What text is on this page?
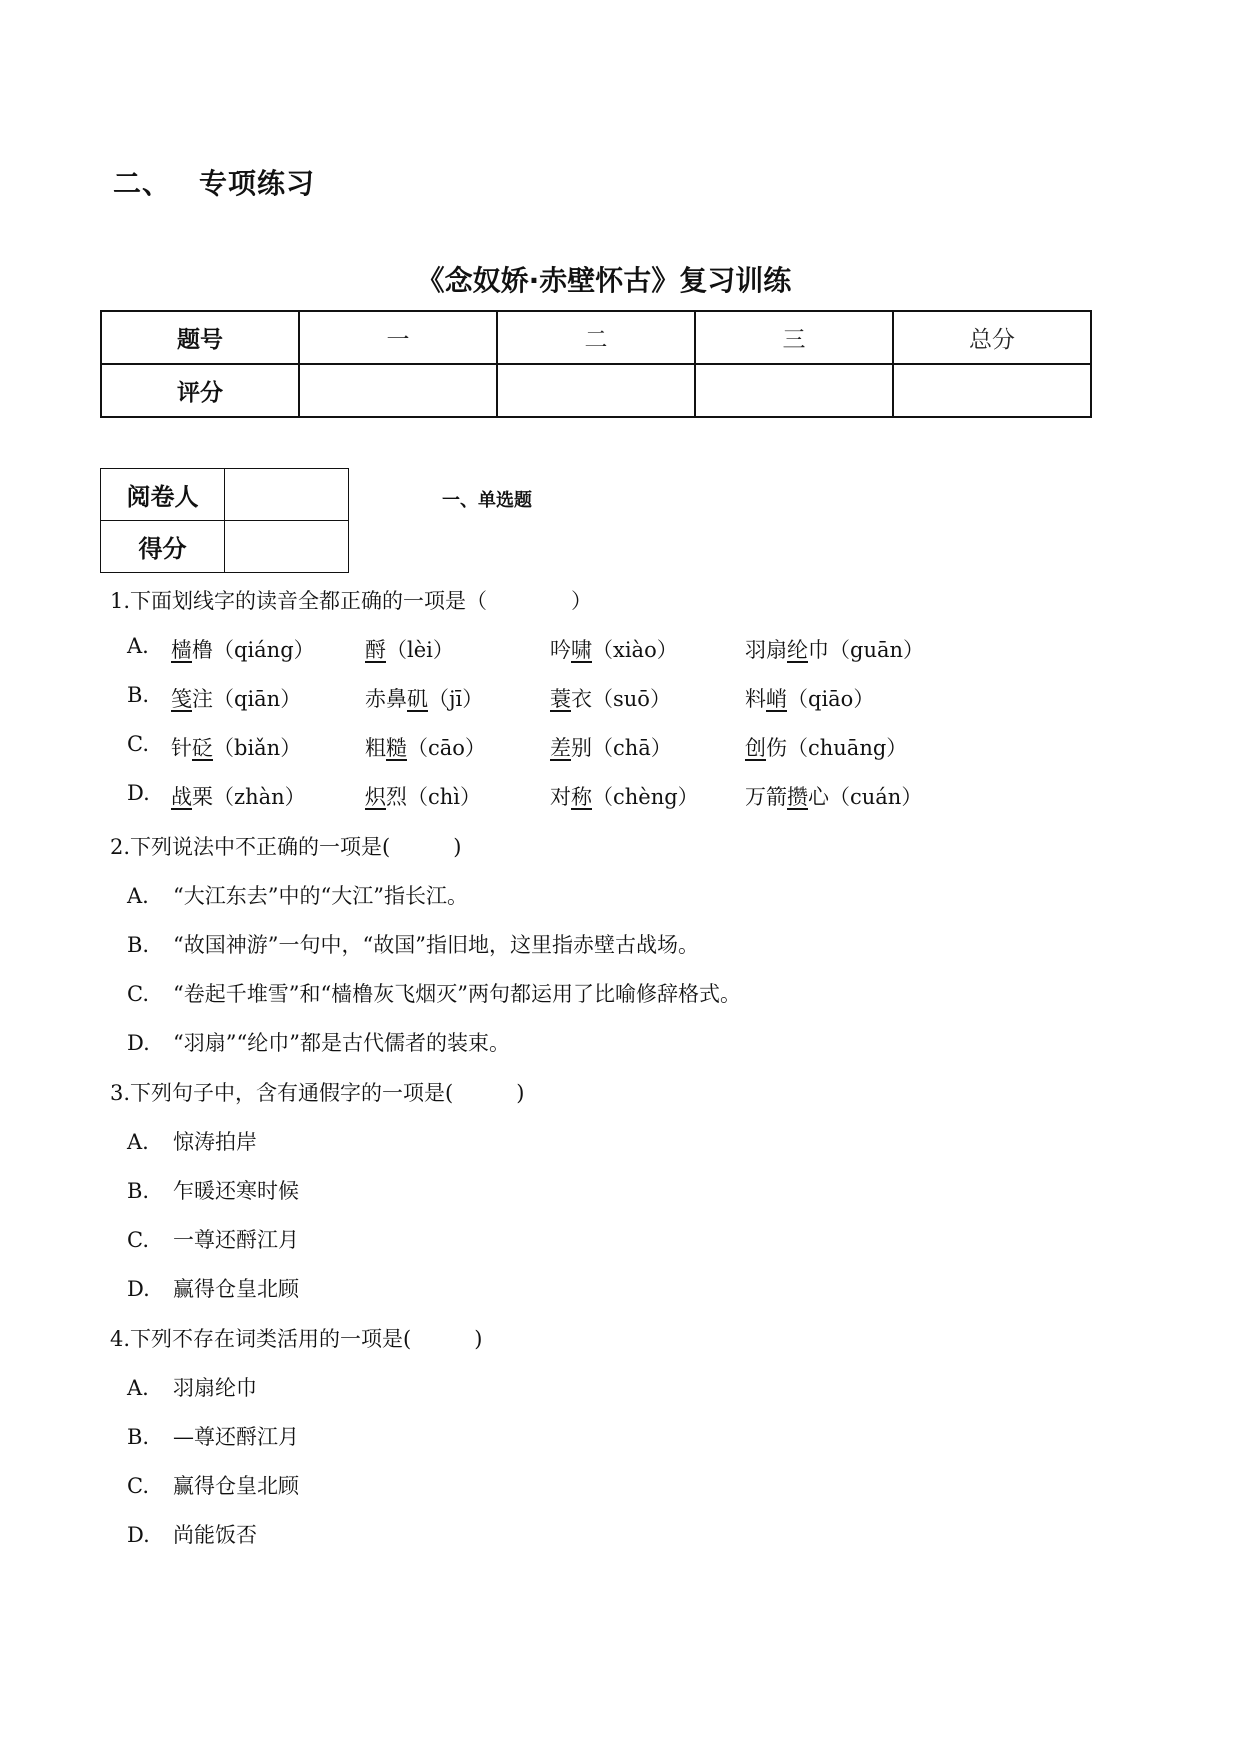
二、 专项练习
《念奴娇·赤壁怀古》复习训练
题号	一	二	三	总分
评分				
阅卷人	
得分	
一、单选题
1.下面划线字的读音全都正确的一项是（　　　　）
A. 樯橹（qiáng） 酹（lèi）	吟啸（xiào）	羽扇纶巾（guān）
B. 笺注（qiān）	赤鼻矶（jī）	蓑衣（suō）	料峭（qiāo）
C. 针砭（biǎn）	粗糙（cāo）	差别（chā）	创伤（chuāng）
D. 战栗（zhàn）	炽烈（chì）	对称（chèng） 万箭攒心（cuán）
2.下列说法中不正确的一项是(　　　)
A. “大江东去”中的“大江”指长江。
B. “故国神游”一句中，“故国”指旧地，这里指赤壁古战场。
C. “卷起千堆雪”和“樯橹灰飞烟灭”两句都运用了比喻修辞格式。
D. “羽扇”“纶巾”都是古代儒者的装束。
3.下列句子中，含有通假字的一项是(　　　)
A. 惊涛拍岸
B. 乍暖还寒时候
C. 一尊还酹江月
D. 赢得仓皇北顾
4.下列不存在词类活用的一项是(　　　)
A. 羽扇纶巾
B. —尊还酹江月
C. 赢得仓皇北顾
D. 尚能饭否
